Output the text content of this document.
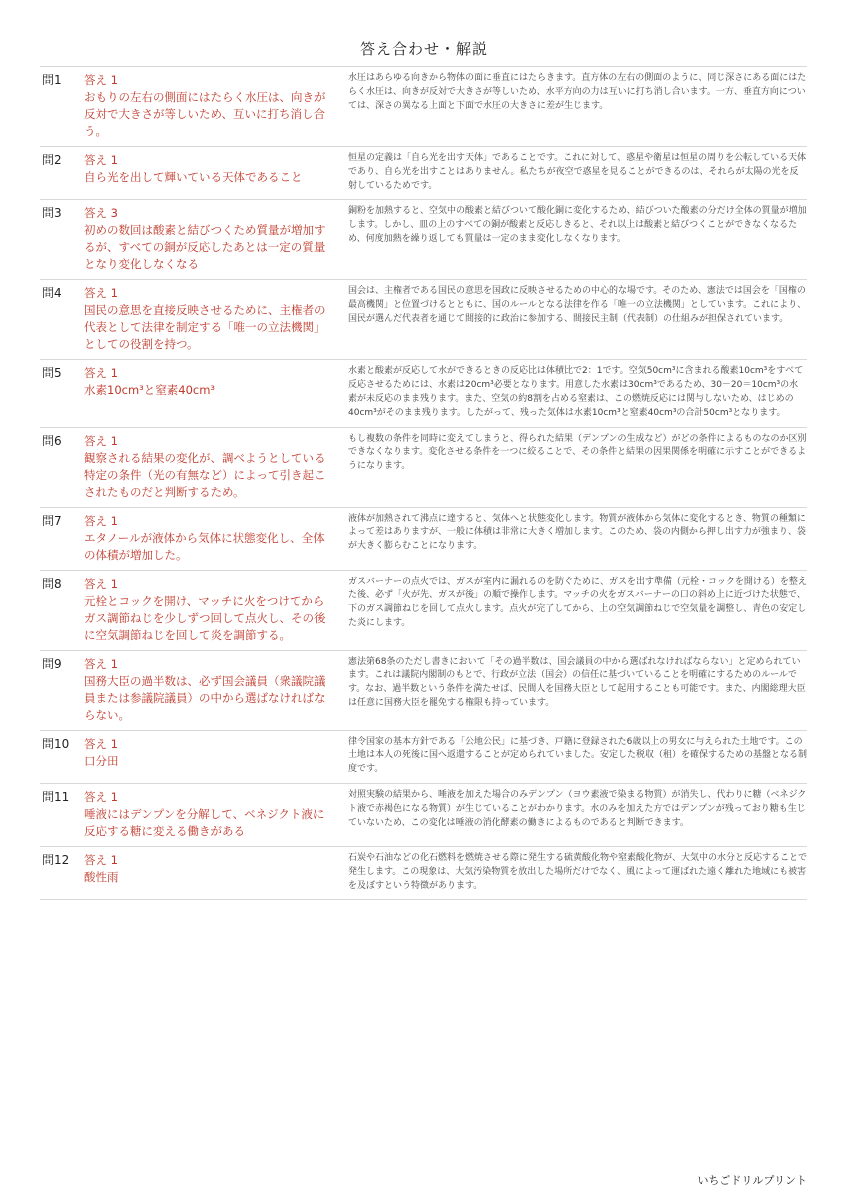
答え合わせ・解説
問1	答え 1
おもりの左右の側面にはたらく水圧は、向きが反対で大きさが等しいため、互いに打ち消し合う。	水圧はあらゆる向きから物体の面に垂直にはたらきます。直方体の左右の側面のように、同じ深さにある面にはたらく水圧は、向きが反対で大きさが等しいため、水平方向の力は互いに打ち消し合います。一方、垂直方向については、深さの異なる上面と下面で水圧の大きさに差が生じます。
問2	答え 1
自ら光を出して輝いている天体であること	恒星の定義は「自ら光を出す天体」であることです。これに対して、惑星や衛星は恒星の周りを公転している天体であり、自ら光を出すことはありません。私たちが夜空で惑星を見ることができるのは、それらが太陽の光を反射しているためです。
問3	答え 3
初めの数回は酸素と結びつくため質量が増加するが、すべての銅が反応したあとは一定の質量となり変化しなくなる	銅粉を加熱すると、空気中の酸素と結びついて酸化銅に変化するため、結びついた酸素の分だけ全体の質量が増加します。しかし、皿の上のすべての銅が酸素と反応しきると、それ以上は酸素と結びつくことができなくなるため、何度加熱を繰り返しても質量は一定のまま変化しなくなります。
問4	答え 1
国民の意思を直接反映させるために、主権者の代表として法律を制定する「唯一の立法機関」としての役割を持つ。	国会は、主権者である国民の意思を国政に反映させるための中心的な場です。そのため、憲法では国会を「国権の最高機関」と位置づけるとともに、国のルールとなる法律を作る「唯一の立法機関」としています。これにより、国民が選んだ代表者を通じて間接的に政治に参加する、間接民主制（代表制）の仕組みが担保されています。
問5	答え 1
水素10cm³と窒素40cm³	水素と酸素が反応して水ができるときの反応比は体積比で2：1です。空気50cm³に含まれる酸素10cm³をすべて反応させるためには、水素は20cm³必要となります。用意した水素は30cm³であるため、30－20＝10cm³の水素が未反応のまま残ります。また、空気の約8割を占める窒素は、この燃焼反応には関与しないため、はじめの40cm³がそのまま残ります。したがって、残った気体は水素10cm³と窒素40cm³の合計50cm³となります。
問6	答え 1
観察される結果の変化が、調べようとしている特定の条件（光の有無など）によって引き起こされたものだと判断するため。	もし複数の条件を同時に変えてしまうと、得られた結果（デンプンの生成など）がどの条件によるものなのか区別できなくなります。変化させる条件を一つに絞ることで、その条件と結果の因果関係を明確に示すことができるようになります。
問7	答え 1
エタノールが液体から気体に状態変化し、全体の体積が増加した。	液体が加熱されて沸点に達すると、気体へと状態変化します。物質が液体から気体に変化するとき、物質の種類によって差はありますが、一般に体積は非常に大きく増加します。このため、袋の内側から押し出す力が強まり、袋が大きく膨らむことになります。
問8	答え 1
元栓とコックを開け、マッチに火をつけてからガス調節ねじを少しずつ回して点火し、その後に空気調節ねじを回して炎を調節する。	ガスバーナーの点火では、ガスが室内に漏れるのを防ぐために、ガスを出す準備（元栓・コックを開ける）を整えた後、必ず「火が先、ガスが後」の順で操作します。マッチの火をガスバーナーの口の斜め上に近づけた状態で、下のガス調節ねじを回して点火します。点火が完了してから、上の空気調節ねじで空気量を調整し、青色の安定した炎にします。
問9	答え 1
国務大臣の過半数は、必ず国会議員（衆議院議員または参議院議員）の中から選ばなければならない。	憲法第68条のただし書きにおいて「その過半数は、国会議員の中から選ばれなければならない」と定められています。これは議院内閣制のもとで、行政が立法（国会）の信任に基づいていることを明確にするためのルールです。なお、過半数という条件を満たせば、民間人を国務大臣として起用することも可能です。また、内閣総理大臣は任意に国務大臣を罷免する権限も持っています。
問10	答え 1
口分田	律令国家の基本方針である「公地公民」に基づき、戸籍に登録された6歳以上の男女に与えられた土地です。この土地は本人の死後に国へ返還することが定められていました。安定した税収（租）を確保するための基盤となる制度です。
問11	答え 1
唾液にはデンプンを分解して、ベネジクト液に反応する糖に変える働きがある	対照実験の結果から、唾液を加えた場合のみデンプン（ヨウ素液で染まる物質）が消失し、代わりに糖（ベネジクト液で赤褐色になる物質）が生じていることがわかります。水のみを加えた方ではデンプンが残っており糖も生じていないため、この変化は唾液の消化酵素の働きによるものであると判断できます。
問12	答え 1
酸性雨	石炭や石油などの化石燃料を燃焼させる際に発生する硫黄酸化物や窒素酸化物が、大気中の水分と反応することで発生します。この現象は、大気汚染物質を放出した場所だけでなく、風によって運ばれた遠く離れた地域にも被害を及ぼすという特徴があります。
いちごドリルプリント
